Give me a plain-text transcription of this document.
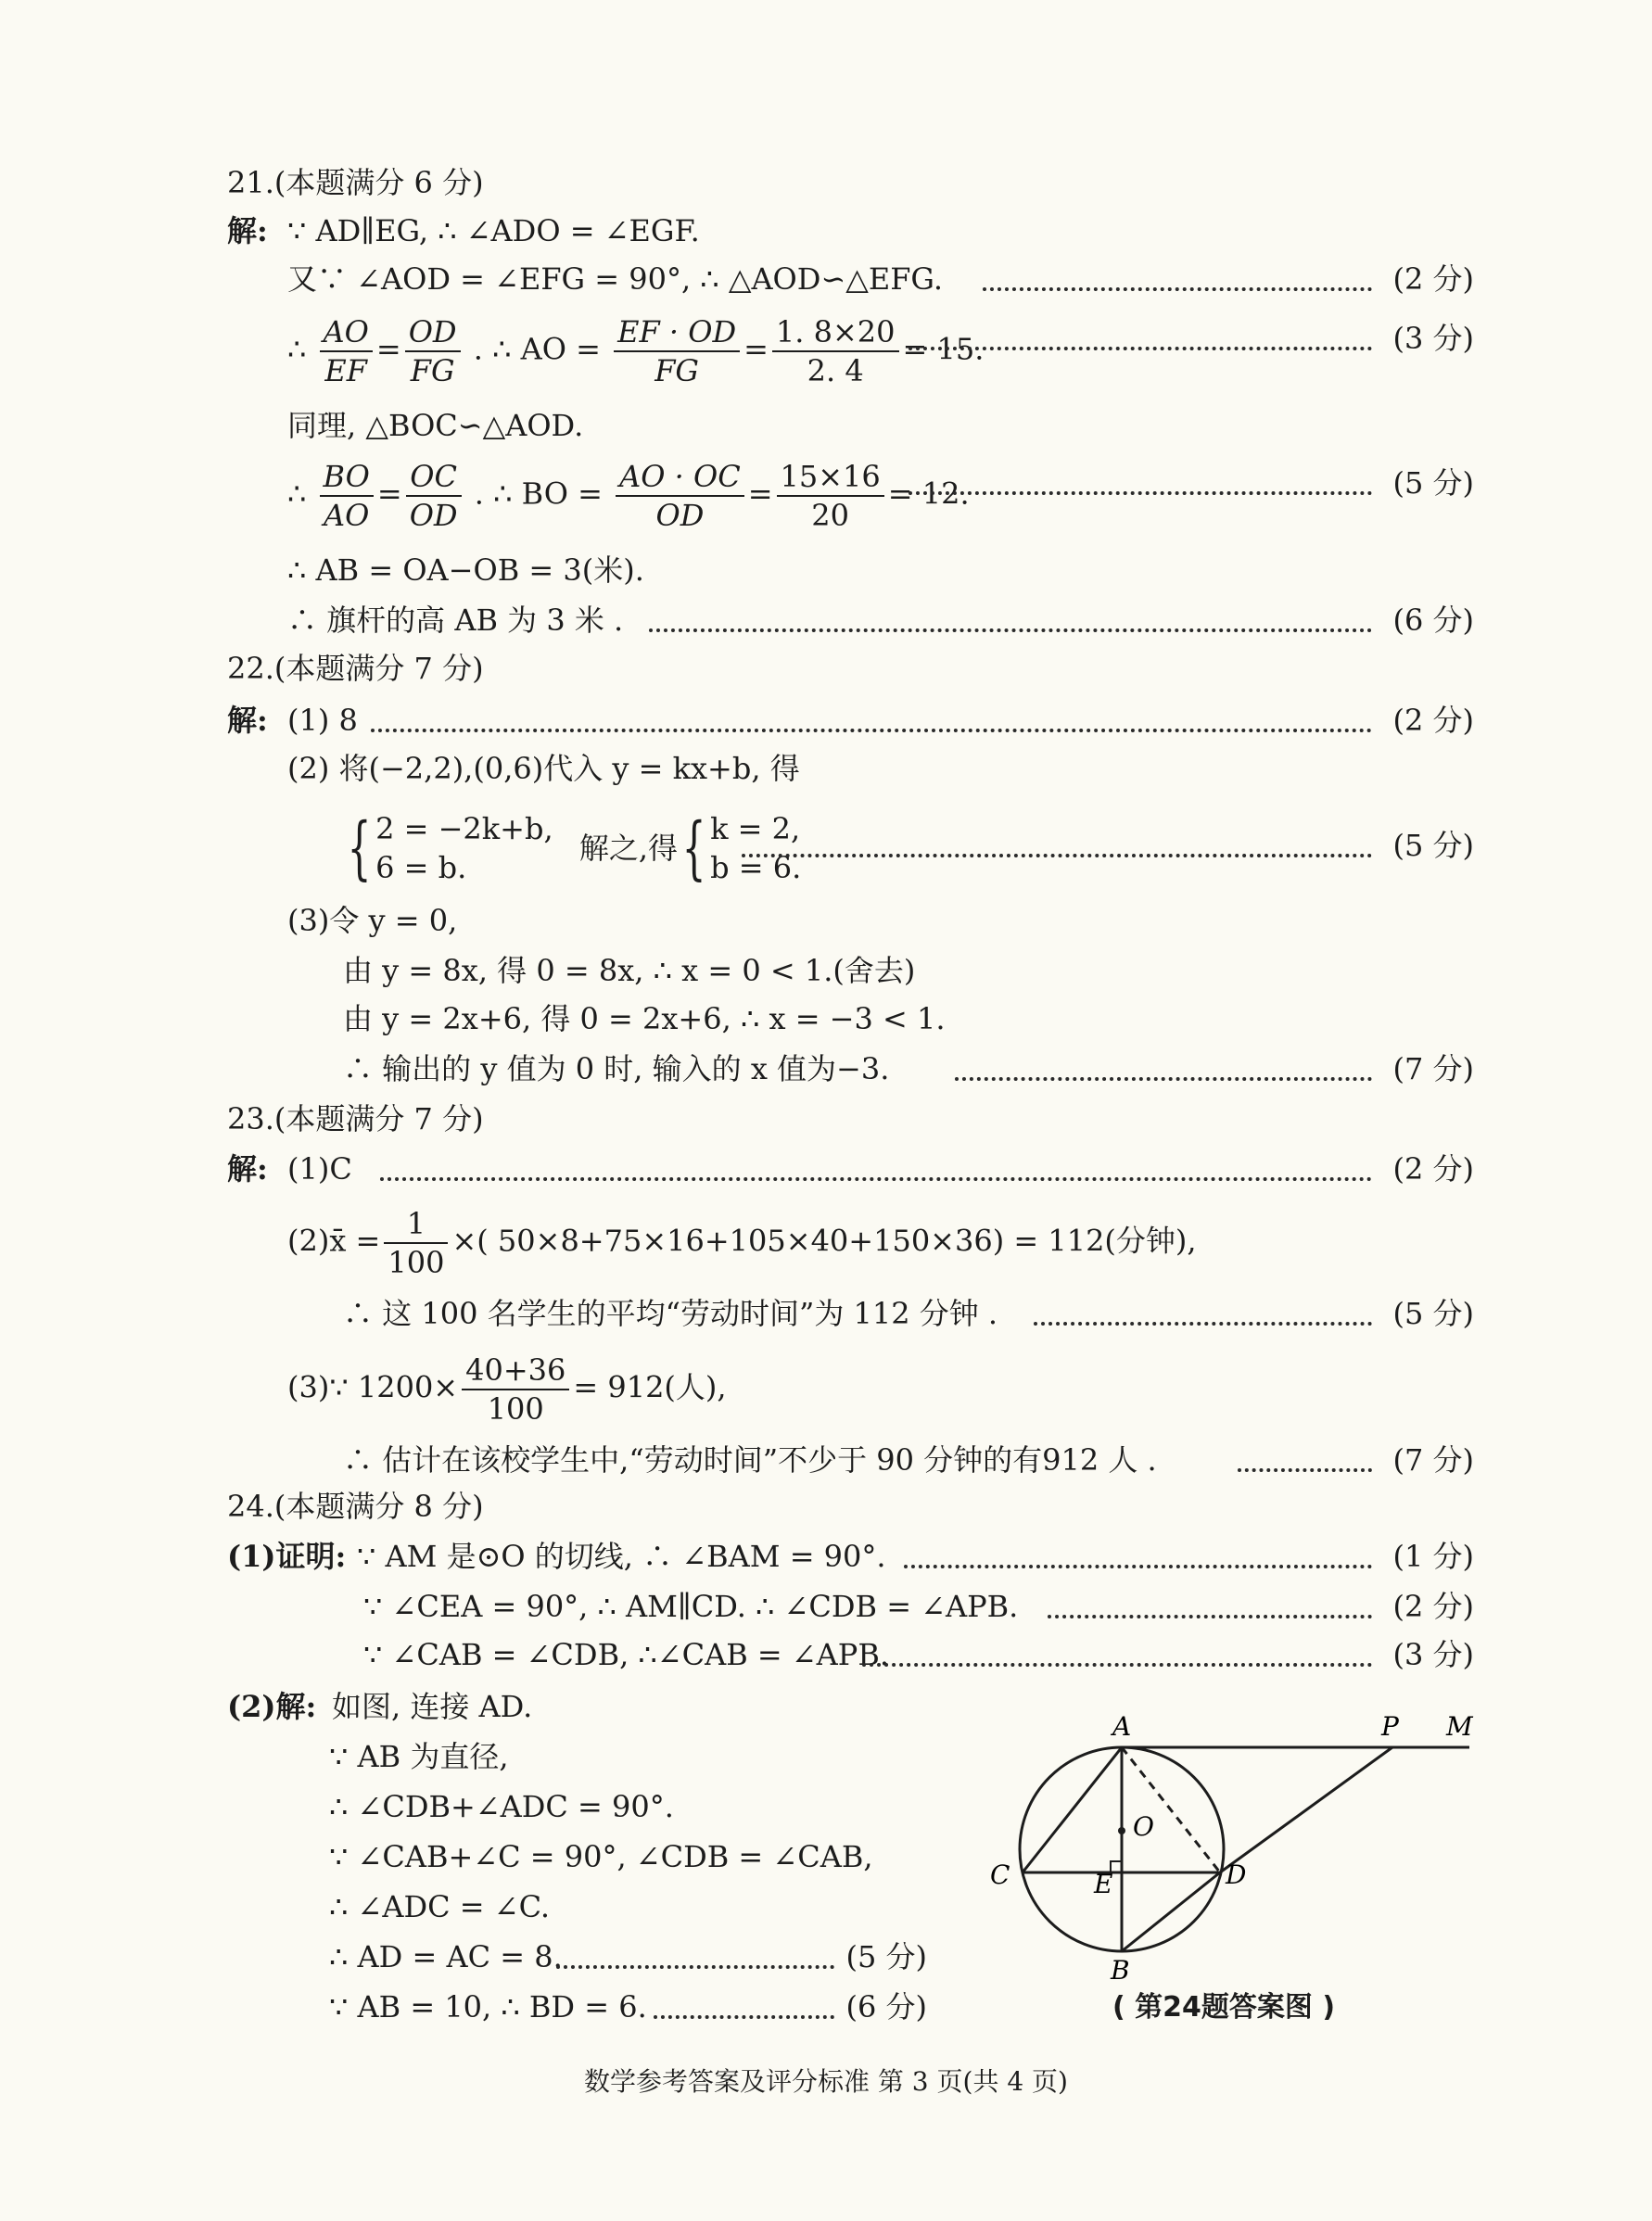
21.(本题满分 6 分)
解: ∵ AD∥EG, ∴ ∠ADO = ∠EGF.
又∵ ∠AOD = ∠EFG = 90°, ∴ △AOD∽△EFG.	(2 分)
∴ $\frac{AO}{EF} = \frac{OD}{FG}$ . ∴ AO = $\frac{EF \cdot OD}{FG} = \frac{1. 8\times 20}{2. 4} = 15$.	(3 分)
同理, △BOC∽△AOD.
∴ $\frac{BO}{AO} = \frac{OC}{OD}$ . ∴ BO = $\frac{AO \cdot OC}{OD} = \frac{15\times 16}{20} = 12$.	(5 分)
∴ AB = OA−OB = 3(米).
∴ 旗杆的高 AB 为 3 米 .	(6 分)
22.(本题满分 7 分)
解: (1) 8	(2 分)
(2) 将(−2,2),(0,6)代入 y = kx+b, 得
{ 2 = −2k+b,
6 = b.
解之,得{ k = 2,
b = 6.
(5 分)
(3)令 y = 0,
由 y = 8x, 得 0 = 8x, ∴ x = 0 < 1.(舍去)
由 y = 2x+6, 得 0 = 2x+6, ∴ x = −3 < 1.
∴ 输出的 y 值为 0 时, 输入的 x 值为−3.	(7 分)
23.(本题满分 7 分)
解: (1)C	(2 分)
(2)x̄ = $\frac{1}{100}$ ×( 50×8+75×16+105×40+150×36) = 112(分钟),
∴ 这 100 名学生的平均“劳动时间”为 112 分钟 .	(5 分)
(3)∵ $1200\times \frac{40+36}{100} = 912$(人),
∴ 估计在该校学生中,“劳动时间”不少于 90 分钟的有912 人 .	(7 分)
24.(本题满分 8 分)
(1)证明: ∵ AM 是⊙O 的切线, ∴ ∠BAM = 90°.	(1 分)
∵ ∠CEA = 90°, ∴ AM∥CD. ∴ ∠CDB = ∠APB.	(2 分)
∵ ∠CAB = ∠CDB, ∴∠CAB = ∠APB.	(3 分)
(2)解: 如图, 连接 AD.
∵ AB 为直径,
∴ ∠CDB+∠ADC = 90°.
∵ ∠CAB+∠C = 90°, ∠CDB = ∠CAB,
∴ ∠ADC = ∠C.
∴ AD = AC = 8.	(5 分)
∵ AB = 10, ∴ BD = 6.	(6 分)
A	P M
O
C	E	D
B
( 第24题答案图 )
数学参考答案及评分标准 第 3 页(共 4 页)
